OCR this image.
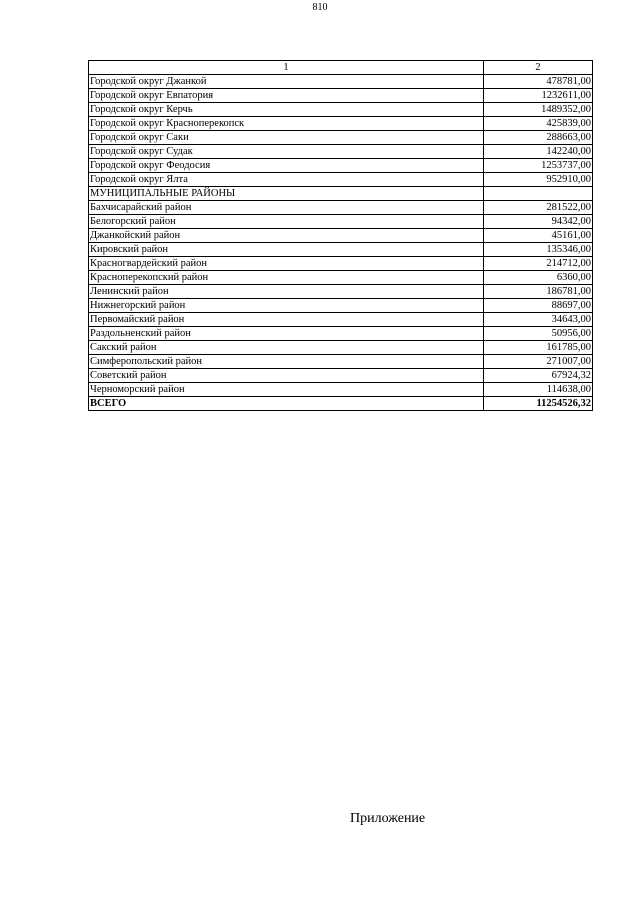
810
1	2
Городской округ Джанкой	478781,00
Городской округ Евпатория	1232611,00
Городской округ Керчь	1489352,00
Городской округ Красноперекопск	425839,00
Городской округ Саки	288663,00
Городской округ Судак	142240,00
Городской округ Феодосия	1253737,00
Городской округ Ялта	952910,00
МУНИЦИПАЛЬНЫЕ РАЙОНЫ	
Бахчисарайский район	281522,00
Белогорский район	94342,00
Джанкойский район	45161,00
Кировский район	135346,00
Красногвардейский район	214712,00
Красноперекопский район	6360,00
Ленинский район	186781,00
Нижнегорский район	88697,00
Первомайский район	34643,00
Раздольненский район	50956,00
Сакский район	161785,00
Симферопольский район	271007,00
Советский район	67924,32
Черноморский район	114638,00
ВСЕГО	11254526,32
Приложение
